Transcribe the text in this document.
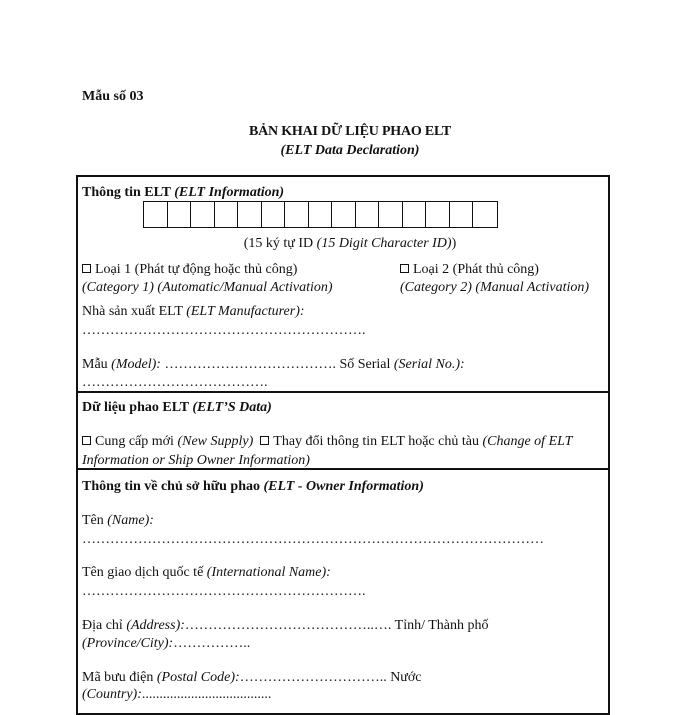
Mẫu số 03
BẢN KHAI DỮ LIỆU PHAO ELT
(ELT Data Declaration)
Thông tin ELT (ELT Information)
(15 ký tự ID (15 Digit Character ID))
Loại 1 (Phát tự động hoặc thủ công)
(Category 1) (Automatic/Manual Activation)
Loại 2 (Phát thủ công)
(Category 2) (Manual Activation)
Nhà sản xuất ELT (ELT Manufacturer):
…………………………………………………….
Mẫu (Model): ………………………………. Số Serial (Serial No.):
………………………………….
Dữ liệu phao ELT (ELT’S Data)
Cung cấp mới (New Supply) Thay đổi thông tin ELT hoặc chủ tàu (Change of ELT
Information or Ship Owner Information)
Thông tin về chủ sở hữu phao (ELT - Owner Information)
Tên (Name):
………………………………………………………………………………………
Tên giao dịch quốc tế (International Name):
…………………………………………………….
Địa chỉ (Address):…………………………………..…. Tỉnh/ Thành phố
(Province/City):……………..
Mã bưu điện (Postal Code):………………………….. Nước
(Country):.....................................
